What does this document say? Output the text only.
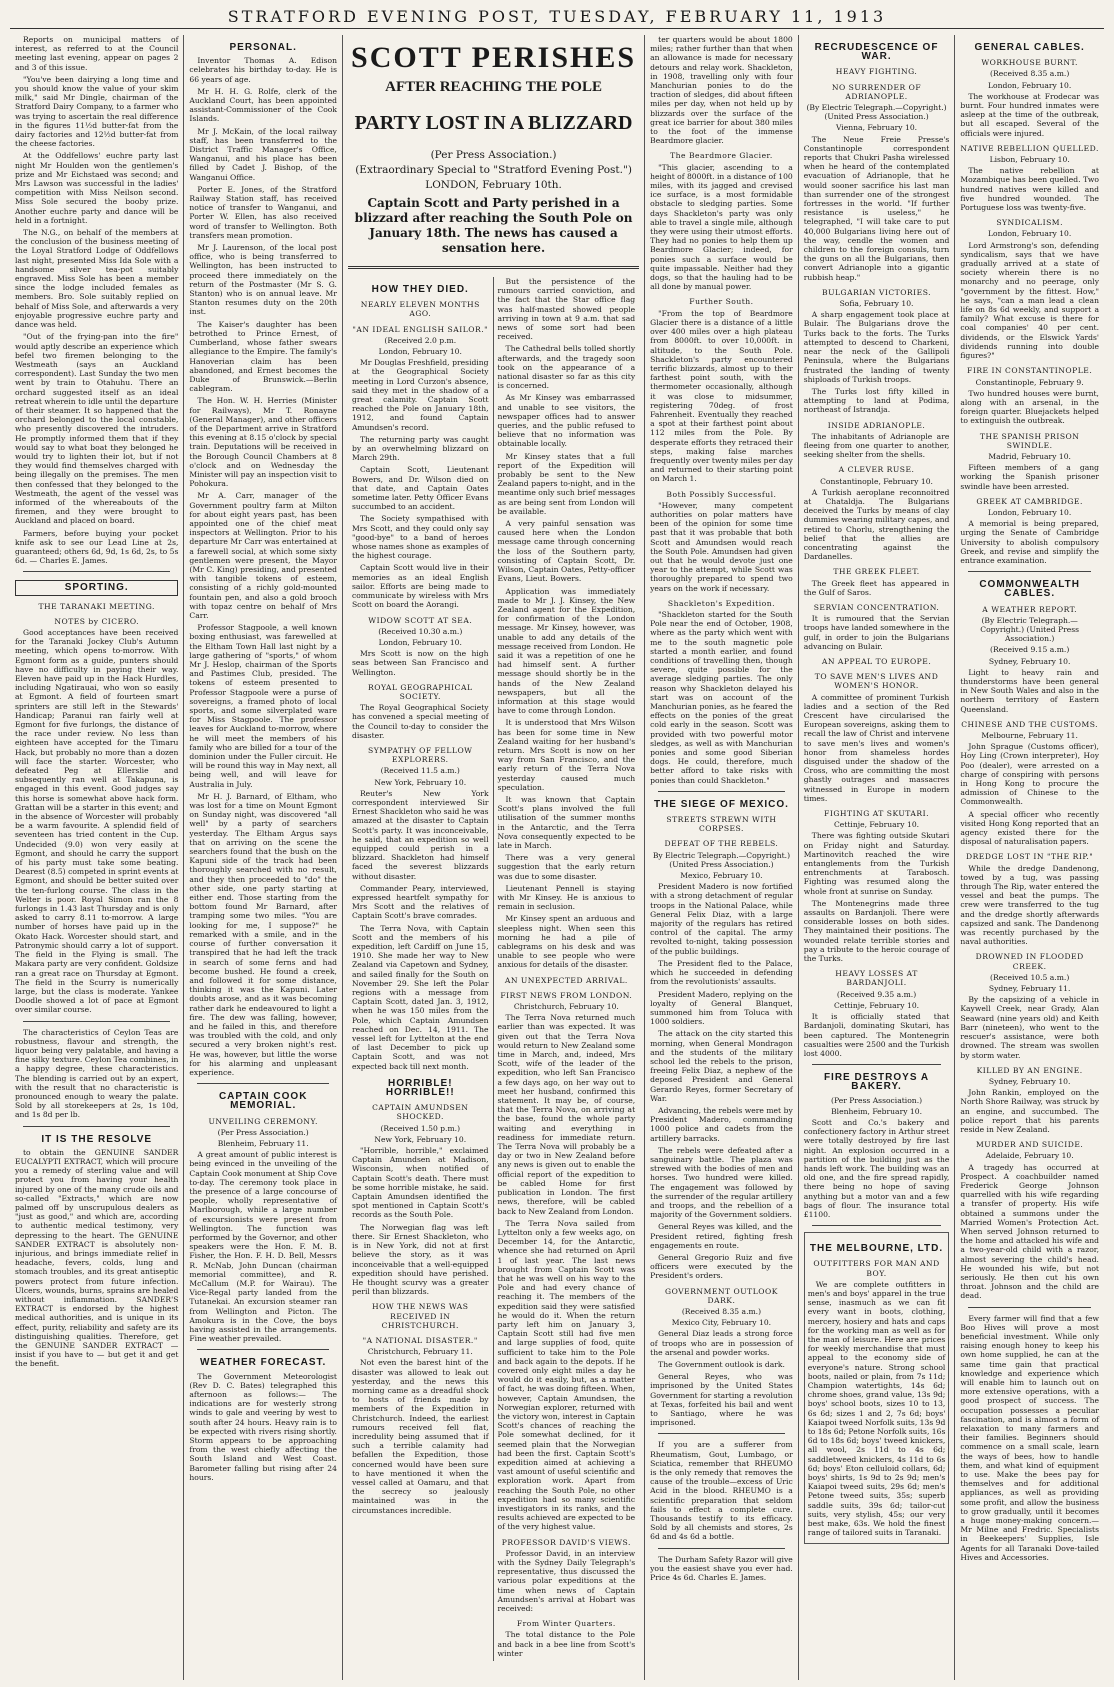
STRATFORD EVENING POST, TUESDAY, FEBRUARY 11, 1913

Reports on municipal matters of interest, as referred to at the Council meeting last evening, appear on pages 2 and 3 of this issue.

"You've been dairying a long time and you should know the value of your skim milk," said Mr Dingle, chairman of the Stratford Dairy Company, to a farmer who was trying to ascertain the real difference in the figures 11½d butter-fat from the dairy factories and 12½d butter-fat from the cheese factories.

At the Oddfellows' euchre party last night Mr Houlden won the gentlemen's prize and Mr Eichstaed was second; and Mrs Lawson was successful in the ladies' competition with Miss Neilson second. Miss Sole secured the booby prize. Another euchre party and dance will be held in a fortnight.

The N.G., on behalf of the members at the conclusion of the business meeting of the Loyal Stratford Lodge of Oddfellows last night, presented Miss Ida Sole with a handsome silver tea-pot suitably engraved. Miss Sole has been a member since the lodge included females as members. Bro. Sole suitably replied on behalf of Miss Sole, and afterwards a very enjoyable progressive euchre party and dance was held.

"Out of the frying-pan into the fire" would aptly describe an experience which befel two firemen belonging to the Westmeath (says an Auckland correspondent). Last Sunday the two men went by train to Otahuhu. There an orchard suggested itself as an ideal retreat wherein to idle until the departure of their steamer. It so happened that the orchard belonged to the local constable, who presently discovered the intruders. He promptly informed them that if they would say to what boat they belonged he would try to lighten their lot, but if not they would find themselves charged with being illegally on the premises. The men then confessed that they belonged to the Westmeath, the agent of the vessel was informed of the whereabouts of the firemen, and they were brought to Auckland and placed on board.

Farmers, before buying your pocket knife ask to see our Lead Line at 2s, guaranteed; others 6d, 9d, 1s 6d, 2s, to 5s 6d. — Charles E. James.

SPORTING.
THE TARANAKI MEETING.
NOTES by CICERO.

Good acceptances have been received for the Taranaki Jockey Club's Autumn meeting, which opens to-morrow. With Egmont form as a guide, punters should have no difficulty in paying their way. Eleven have paid up in the Hack Hurdles, including Ngatirauai, who won so easily at Egmont. A field of fourteen smart sprinters are still left in the Stewards' Handicap; Paranui ran fairly well at Egmont for five furlongs, the distance of the race under review. No less than eighteen have accepted for the Timaru Hack, but probably no more than a dozen will face the starter. Worcester, who defeated Peg at Ellerslie and subsequently ran well at Takapuna, is engaged in this event. Good judges say this horse is somewhat above hack form. Grattan will be a starter in this event; and in the absence of Worcester will probably be a warm favourite. A splendid field of seventeen has tried content in the Cup. Undecided (9.0) won very easily at Egmont, and should he carry the support of his party must take some beating. Dearest (8.5) competed in sprint events at Egmont, and should be better suited over the ten-furlong course. The class in the Welter is poor. Royal Simon ran the 8 furlongs in 1.43 last Thursday and is only asked to carry 8.11 to-morrow. A large number of horses have paid up in the Okato Hack. Worcester should start, and Patronymic should carry a lot of support. The field in the Flying is small. The Makara party are very confident. Goldsize ran a great race on Thursday at Egmont. The field in the Scurry is numerically large, but the class is moderate. Yankee Doodle showed a lot of pace at Egmont over similar course.

The characteristics of Ceylon Teas are robustness, flavour and strength, the liquor being very palatable, and having a fine silky texture. Ceylon Tea combines, in a happy degree, these characteristics. The blending is carried out by an expert, with the result that no characteristic is pronounced enough to weary the palate. Sold by all storekeepers at 2s, 1s 10d, and 1s 8d per lb.

IT IS THE RESOLVE

to obtain the GENUINE SANDER EUCALYPTI EXTRACT, which will procure you a remedy of sterling value and will protect you from having your health injured by one of the many crude oils and so-called "Extracts," which are now palmed off by unscrupulous dealers as "just as good," and which are, according to authentic medical testimony, very depressing to the heart. The GENUINE SANDER EXTRACT is absolutely non-injurious, and brings immediate relief in headache, fevers, colds, lung and stomach troubles, and its great antiseptic powers protect from future infection. Ulcers, wounds, burns, sprains are healed without inflammation. SANDER'S EXTRACT is endorsed by the highest medical authorities, and is unique in its effect, purity, reliability and safety are its distinguishing qualities. Therefore, get the GENUINE SANDER EXTRACT — insist if you have to — but get it and get the benefit.

PERSONAL.

Inventor Thomas A. Edison celebrates his birthday to-day. He is 66 years of age.

Mr H. H. G. Rolfe, clerk of the Auckland Court, has been appointed assistant-Commissioner of the Cook Islands.

Mr J. McKain, of the local railway staff, has been transferred to the District Traffic Manager's Office, Wanganui, and his place has been filled by Cadet J. Bishop, of the Wanganui Office.

Porter E. Jones, of the Stratford Railway Station staff, has received notice of transfer to Wanganui, and Porter W. Ellen, has also received word of transfer to Wellington. Both transfers mean promotion.

Mr J. Laurenson, of the local post office, who is being transferred to Wellington, has been instructed to proceed there immediately on the return of the Postmaster (Mr S. G. Stanton) who is on annual leave. Mr Stanton resumes duty on the 20th inst.

The Kaiser's daughter has been betrothed to Prince Ernest, of Cumberland, whose father swears allegiance to the Empire. The family's Hanoverian claim has been abandoned, and Ernest becomes the Duke of Brunswick.—Berlin cablegram.

The Hon. W. H. Herries (Minister for Railways), Mr T. Ronayne (General Manager), and other officers of the Department arrive in Stratford this evening at 8.15 o'clock by special train. Deputations will be received in the Borough Council Chambers at 8 o'clock and on Wednesday the Minister will pay an inspection visit to Pohokura.

Mr A. Carr, manager of the Government poultry farm at Milton for about eight years past, has been appointed one of the chief meat inspectors at Wellington. Prior to his departure Mr Carr was entertained at a farewell social, at which some sixty gentlemen were present, the Mayor (Mr C. King) presiding, and presented with tangible tokens of esteem, consisting of a richly gold-mounted fountain pen, and also a gold brooch with topaz centre on behalf of Mrs Carr.

Professor Stagpoole, a well known boxing enthusiast, was farewelled at the Eltham Town Hall last night by a large gathering of "sports," of whom Mr J. Heslop, chairman of the Sports and Pastimes Club, presided. The tokens of esteem presented to Professor Stagpoole were a purse of sovereigns, a framed photo of local sports, and some silverplated ware for Miss Stagpoole. The professor leaves for Auckland to-morrow, where he will meet the members of his family who are billed for a tour of the dominion under the Fuller circuit. He will be round this way in May next, all being well, and will leave for Australia in July.

Mr H. J. Barnard, of Eltham, who was lost for a time on Mount Egmont on Sunday night, was discovered "all well" by a party of searchers yesterday. The Eltham Argus says that on arriving on the scene the searchers found that the bush on the Kapuni side of the track had been thoroughly searched with no result, and they then proceeded to "do" the other side, one party starting at either end. Those starting from the bottom found Mr Barnard, after tramping some two miles. "You are looking for me, I suppose?" he remarked with a smile, and in the course of further conversation it transpired that he had left the track in search of some ferns and had become bushed. He found a creek, and followed it for some distance, thinking it was the Kapuni. Later doubts arose, and as it was becoming rather dark he endeavoured to light a fire. The dew was falling, however, and he failed in this, and therefore was troubled with the cold, and only secured a very broken night's rest. He was, however, but little the worse for his alarming and unpleasant experience.

CAPTAIN COOK MEMORIAL.
UNVEILING CEREMONY.
(Per Press Association.)
Blenheim, February 11.

A great amount of public interest is being evinced in the unveiling of the Captain Cook monument at Ship Cove to-day. The ceremony took place in the presence of a large concourse of people, wholly representative of Marlborough, while a large number of excursionists were present from Wellington. The function was performed by the Governor, and other speakers were the Hon. F. M. B. Fisher, the Hon. F. H. D. Bell, Messrs R. McNab, John Duncan (chairman memorial committee), and R. McCallum (M.P. for Wairau). The Vice-Regal party landed from the Tutanekai. An excursion steamer ran from Wellington and Picton. The Amokura is in the Cove, the boys having assisted in the arrangements. Fine weather prevailed.

WEATHER FORECAST.

The Government Meteorologist (Rev D. C. Bates) telegraphed this afternoon as follows:— The indications are for westerly strong winds to gale and veering by west to south after 24 hours. Heavy rain is to be expected with rivers rising shortly. Storm appears to be approaching from the west chiefly affecting the South Island and West Coast. Barometer falling but rising after 24 hours.

SCOTT PERISHES
AFTER REACHING THE POLE
PARTY LOST IN A BLIZZARD
(Per Press Association.)
(Extraordinary Special to "Stratford Evening Post.")
LONDON, February 10th.
Captain Scott and Party perished in a blizzard after reaching the South Pole on January 18th. The news has caused a sensation here.
HOW THEY DIED.
NEARLY ELEVEN MONTHS AGO.
"AN IDEAL ENGLISH SAILOR."
(Received 2.0 p.m.
London, February 10.

Mr Douglas Freshfield, presiding at the Geographical Society meeting in Lord Curzon's absence, said they met in the shadow of a great calamity. Captain Scott reached the Pole on January 18th, 1912, and found Captain Amundsen's record.

The returning party was caught by an overwhelming blizzard on March 29th.

Captain Scott, Lieutenant Bowers, and Dr. Wilson died on that date, and Captain Oates sometime later. Petty Officer Evans succumbed to an accident.

The Society sympathised with Mrs Scott, and they could only say "good-bye" to a band of heroes whose names shone as examples of the highest courage.

Captain Scott would live in their memories as an ideal English sailor. Efforts are being made to communicate by wireless with Mrs Scott on board the Aorangi.

WIDOW SCOTT AT SEA.
(Received 10.30 a.m.)
London, February 10.

Mrs Scott is now on the high seas between San Francisco and Wellington.

ROYAL GEOGRAPHICAL SOCIETY.

The Royal Geographical Society has convened a special meeting of the Council to-day to consider the disaster.

SYMPATHY OF FELLOW EXPLORERS.
(Received 11.5 a.m.)
New York, February 10.

Reuter's New York correspondent interviewed Sir Ernest Shackleton who said he was amazed at the disaster to Captain Scott's party. It was inconceivable, he said, that an expedition so well equipped could perish in a blizzard. Shackleton had himself faced the severest blizzards without disaster.

Commander Peary, interviewed, expressed heartfelt sympathy for Mrs Scott and the relatives of Captain Scott's brave comrades.

The Terra Nova, with Captain Scott and the members of his expedition, left Cardiff on June 15, 1910. She made her way to New Zealand via Capetown and Sydney, and sailed finally for the South on November 29. She left the Polar regions with a message from Captain Scott, dated Jan. 3, 1912, when he was 150 miles from the Pole, which Captain Amundsen reached on Dec. 14, 1911. The vessel left for Lyttelton at the end of last December to pick up Captain Scott, and was not expected back till next month.

HORRIBLE! HORRIBLE!!
CAPTAIN AMUNDSEN SHOCKED.
(Received 1.50 p.m.)
New York, February 10.

"Horrible, horrible," exclaimed Captain Amundsen at Madison, Wisconsin, when notified of Captain Scott's death. There must be some horrible mistake, he said. Captain Amundsen identified the spot mentioned in Captain Scott's records as the South Pole.

The Norwegian flag was left there. Sir Ernest Shackleton, who is in New York, did not at first believe the story, as it was inconceivable that a well-equipped expedition should have perished. He thought scurvy was a greater peril than blizzards.

HOW THE NEWS WAS RECEIVED IN CHRISTCHURCH.
"A NATIONAL DISASTER."
Christchurch, February 11.

Not even the barest hint of the disaster was allowed to leak out yesterday, and the news this morning came as a dreadful shock to hosts of friends made by members of the Expedition in Christchurch. Indeed, the earliest rumours received fell flat, incredulity being assumed that if such a terrible calamity had befallen the Expedition, those concerned would have been sure to have mentioned it when the vessel called at Oamaru, and that the secrecy so jealously maintained was in the circumstances incredible.

But the persistence of the rumours carried conviction, and the fact that the Star office flag was half-masted showed people arriving in town at 9 a.m. that sad news of some sort had been received.

The Cathedral bells tolled shortly afterwards, and the tragedy soon took on the appearance of a national disaster so far as this city is concerned.

As Mr Kinsey was embarrassed and unable to see visitors, the newspaper offices had to answer queries, and the public refused to believe that no information was obtainable locally.

Mr Kinsey states that a full report of the Expedition will probably be sent to the New Zealand papers to-night, and in the meantime only such brief messages as are being sent from London will be available.

A very painful sensation was caused here when the London message came through concerning the loss of the Southern party, consisting of Captain Scott, Dr. Wilson, Captain Oates, Petty-officer Evans, Lieut. Bowers.

Application was immediately made to Mr J. J. Kinsey, the New Zealand agent for the Expedition, for confirmation of the London message. Mr Kinsey, however, was unable to add any details of the message received from London. He said it was a repetition of one he had himself sent. A further message should shortly be in the hands of the New Zealand newspapers, but all the information at this stage would have to come through London.

It is understood that Mrs Wilson has been for some time in New Zealand waiting for her husband's return. Mrs Scott is now on her way from San Francisco, and the early return of the Terra Nova yesterday caused much speculation.

It was known that Captain Scott's plans involved the full utilisation of the summer months in the Antarctic, and the Terra Nova consequently expected to be late in March.

There was a very general suggestion that the early return was due to some disaster.

Lieutenant Pennell is staying with Mr Kinsey. He is anxious to remain in seclusion.

Mr Kinsey spent an arduous and sleepless night. When seen this morning he had a pile of cablegrams on his desk and was unable to see people who were anxious for details of the disaster.

AN UNEXPECTED ARRIVAL.
FIRST NEWS FROM LONDON.
Christchurch, February 10.

The Terra Nova returned much earlier than was expected. It was given out that the Terra Nova would return to New Zealand some time in March, and, indeed, Mrs Scott, wife of the leader of the expedition, who left San Francisco a few days ago, on her way out to meet her husband, confirmed this statement. It may be, of course, that the Terra Nova, on arriving at the base, found the whole party waiting and everything in readiness for immediate return. The Terra Nova will probably be a day or two in New Zealand before any news is given out to enable the official report of the expedition to be cabled Home for first publication in London. The first news, therefore, will be cabled back to New Zealand from London.

The Terra Nova sailed from Lyttelton only a few weeks ago, on December 14, for the Antarctic, whence she had returned on April 1 of last year. The last news brought from Captain Scott was that he was well on his way to the Pole and had every chance of reaching it. The members of the expedition said they were satisfied he would do it. When the return party left him on January 3, Captain Scott still had five men and large supplies of food, quite sufficient to take him to the Pole and back again to the depots. If he covered only eight miles a day he would do it easily, but, as a matter of fact, he was doing fifteen. When, however, Captain Amundsen, the Norwegian explorer, returned with the victory won, interest in Captain Scott's chances of reaching the Pole somewhat declined, for it seemed plain that the Norwegian had been the first. Captain Scott's expedition aimed at achieving a vast amount of useful scientific and exploration work. Apart from reaching the South Pole, no other expedition had so many scientific investigators in its ranks, and the results achieved are expected to be of the very highest value.

PROFESSOR DAVID'S VIEWS.

Professor David, in an interview with the Sydney Daily Telegraph's representative, thus discussed the various polar expeditions at the time when news of Captain Amundsen's arrival at Hobart was received:

From Winter Quarters.

The total distance to the Pole and back in a bee line from Scott's winter

ter quarters would be about 1800 miles; rather further than that when an allowance is made for necessary detours and relay work. Shackleton, in 1908, travelling only with four Manchurian ponies to do the traction of sledges, did about fifteen miles per day, when not held up by blizzards over the surface of the great ice barrier for about 380 miles to the foot of the immense Beardmore glacier.

The Beardmore Glacier.

"This glacier, ascending to a height of 8000ft. in a distance of 100 miles, with its jagged and crevised ice surface, is a most formidable obstacle to sledging parties. Some days Shackleton's party was only able to travel a single mile, although they were using their utmost efforts. They had no ponies to help them up Beardmore Glacier; indeed, for ponies such a surface would be quite impassable. Neither had they dogs, so that the hauling had to be all done by manual power.

Further South.

"From the top of Beardmore Glacier there is a distance of a little over 400 miles over a high plateau from 8000ft. to over 10,000ft. in altitude, to the South Pole. Shackleton's party encountered terrific blizzards, almost up to their farthest point south, with the thermometer occasionally, although it was close to midsummer, registering 70deg. of frost Fahrenheit. Eventually they reached a spot at their farthest point about 112 miles from the Pole. By desperate efforts they retraced their steps, making false marches frequently over twenty miles per day and returned to their starting point on March 1.

Both Possibly Successful.

"However, many competent authorities on polar matters have been of the opinion for some time past that it was probable that both Scott and Amundsen would reach the South Pole. Amundsen had given out that he would devote just one year to the attempt, while Scott was thoroughly prepared to spend two years on the work if necessary.

Shackleton's Expedition.

"Shackleton started for the South Pole near the end of October, 1908, where as the party which went with me to the south magnetic pole started a month earlier, and found conditions of travelling then, though severe, quite possible for the average sledging parties. The only reason why Shackleton delayed his start was on account of the Manchurian ponies, as he feared the effects on the ponies of the great cold early in the season. Scott was provided with two powerful motor sledges, as well as with Manchurian ponies and some good Siberian dogs. He could, therefore, much better afford to take risks with ponies than could Shackleton."

THE SIEGE OF MEXICO.
STREETS STREWN WITH CORPSES.
DEFEAT OF THE REBELS.
By Electric Telegraph.—Copyright.) (United Press Association.)
Mexico, February 10.

President Madero is now fortified with a strong detachment of regular troops in the National Palace, while General Felix Diaz, with a large majority of the regulars has retired control of the capital. The army revolted to-night, taking possession of the public buildings.

The President fled to the Palace, which he succeeded in defending from the revolutionists' assaults.

President Madero, replying on the loyalty of General Blanquet, summoned him from Toluca with 1000 soldiers.

The attack on the city started this morning, when General Mondragon and the students of the military school led the rebels to the prison, freeing Felix Diaz, a nephew of the deposed President and General Gerardo Reyes, former Secretary of War.

Advancing, the rebels were met by President Madero, commanding 1000 police and cadets from the artillery barracks.

The rebels were defeated after a sanguinary battle. The plaza was strewed with the bodies of men and horses. Two hundred were killed. The engagement was followed by the surrender of the regular artillery and troops, and the rebellion of a majority of the Government soldiers.

General Reyes was killed, and the President retired, fighting fresh engagements en route.

General Gregorio Ruiz and five officers were executed by the President's orders.

GOVERNMENT OUTLOOK DARK.
(Received 8.35 a.m.)
Mexico City, February 10.

General Diaz leads a strong force of troops who are in possession of the arsenal and powder works.

The Government outlook is dark.

General Reyes, who was imprisoned by the United States Government for starting a revolution at Texas, forfeited his bail and went to Santiago, where he was imprisoned.

If you are a sufferer from Rheumatism, Gout, Lumbago, or Sciatica, remember that RHEUMO is the only remedy that removes the cause of the trouble—excess of Uric Acid in the blood. RHEUMO is a scientific preparation that seldom fails to effect a complete cure. Thousands testify to its efficacy. Sold by all chemists and stores, 2s 6d and 4s 6d a bottle.

The Durham Safety Razor will give you the easiest shave you ever had. Price 4s 6d. Charles E. James.

RECRUDESCENCE OF WAR.
HEAVY FIGHTING.
NO SURRENDER OF ADRIANOPLE.
(By Electric Telegraph.—Copyright.) (United Press Association.)
Vienna, February 10.

The Neue Freie Presse's Constantinople correspondent reports that Chukri Pasha wirelessed when he heard of the contemplated evacuation of Adrianople, that he would sooner sacrifice his last man than surrender one of the strongest fortresses in the world. "If further resistance is useless," he telegraphed, "I will take care to put 40,000 Bulgarians living here out of the way, cendle the women and children to the foreign consuls, turn the guns on all the Bulgarians, then convert Adrianople into a gigantic rubbish heap."

BULGARIAN VICTORIES.
Sofia, February 10.

A sharp engagement took place at Bulair. The Bulgarians drove the Turks back to the forts. The Turks attempted to descend to Charkeni, near the neck of the Gallipoli Peninsula, where the Bulgarians frustrated the landing of twenty shiploads of Turkish troops.

The Turks lost fifty killed in attempting to land at Podima, northeast of Istrandja.

INSIDE ADRIANOPLE.

The inhabitants of Adrianople are fleeing from one quarter to another, seeking shelter from the shells.

A CLEVER RUSE.
Constantinople, February 10.

A Turkish aeroplane reconnoitred at Chataldja. The Bulgarians deceived the Turks by means of clay dummies wearing military capes, and retired to Chorlu, strengthening the belief that the allies are concentrating against the Dardanelles.

THE GREEK FLEET.

The Greek fleet has appeared in the Gulf of Saros.

SERVIAN CONCENTRATION.

It is rumoured that the Servian troops have landed somewhere in the gulf, in order to join the Bulgarians advancing on Bulair.

AN APPEAL TO EUROPE.
TO SAVE MEN'S LIVES AND WOMEN'S HONOR.

A committee of prominent Turkish ladies and a section of the Red Crescent have circularised the European sovereigns, asking them to recall the law of Christ and intervene to save men's lives and women's honor from shameless hordes disguised under the shadow of the Cross, who are committing the most ghastly outrages and massacres witnessed in Europe in modern times.

FIGHTING AT SKUTARI.
Cettinje, February 10.

There was fighting outside Skutari on Friday night and Saturday. Martinovitch reached the wire entanglements from the Turkish entrenchments at Tarabosch. Fighting was resumed along the whole front at sunrise on Sunday.

The Montenegrins made three assaults on Bardanjoli. There were considerable losses on both sides. They maintained their positions. The wounded relate terrible stories and pay a tribute to the heroic courage of the Turks.

HEAVY LOSSES AT BARDANJOLI.
(Received 9.35 a.m.)
Cettinje, February 10.

It is officially stated that Bardanjoli, dominating Skutari, has been captured. The Montenegrin casualties were 2500 and the Turkish lost 4000.

FIRE DESTROYS A BAKERY.
(Per Press Association.)
Blenheim, February 10.

Scott and Co.'s bakery and confectionery factory in Arthur street were totally destroyed by fire last night. An explosion occurred in a partition of the building just as the hands left work. The building was an old one, and the fire spread rapidly, there being no hope of saving anything but a motor van and a few bags of flour. The insurance total £1100.

THE MELBOURNE, LTD.
OUTFITTERS FOR MAN AND BOY.

We are complete outfitters in men's and boys' apparel in the true sense, inasmuch as we can fit every want in boots, clothing, mercery, hosiery and hats and caps for the working man as well as for the man of leisure. Here are prices for weekly merchandise that must appeal to the economy side of everyone's nature. Strong school boots, nailed or plain, from 7s 11d; Champion watertights, 14s 6d; chrome shoes, grand value, 13s 9d; boys' school boots, sizes 10 to 13, 6s 6d; sizes 1 and 2, 7s 6d; boys' Kaiapoi tweed Norfolk suits, 13s 9d to 18s 6d; Petone Norfolk suits, 16s 6d to 18s 6d; boys' tweed knickers, all wool, 2s 11d to 4s 6d; saddletweed knickers, 4s 11d to 6s 6d; boys' Eton celluloid collars, 6d; boys' shirts, 1s 9d to 2s 9d; men's Kaiapoi tweed suits, 29s 6d; men's Petone tweed suits, 35s; superb saddle suits, 39s 6d; tailor-cut suits, very stylish, 45s; our very best make, 63s. We hold the finest range of tailored suits in Taranaki.

GENERAL CABLES.
WORKHOUSE BURNT.
(Received 8.35 a.m.)
London, February 10.

The workhouse at Frodecar was burnt. Four hundred inmates were asleep at the time of the outbreak, but all escaped. Several of the officials were injured.

NATIVE REBELLION QUELLED.
Lisbon, February 10.

The native rebellion at Mozambique has been quelled. Two hundred natives were killed and five hundred wounded. The Portuguese loss was twenty-five.

SYNDICALISM.
London, February 10.

Lord Armstrong's son, defending syndicalism, says that we have gradually arrived at a state of society wherein there is no monarchy and no peerage, only "government by the fittest. How," he says, "can a man lead a clean life on 8s 6d weekly, and support a family? What excuse is there for coal companies' 40 per cent. dividends, or the Elswick Yards' dividends running into double figures?"

FIRE IN CONSTANTINOPLE.
Constantinople, February 9.

Two hundred houses were burnt, along with an arsenal, in the foreign quarter. Bluejackets helped to extinguish the outbreak.

THE SPANISH PRISON SWINDLE.
Madrid, February 10.

Fifteen members of a gang working the Spanish prisoner swindle have been arrested.

GREEK AT CAMBRIDGE.
London, February 10.

A memorial is being prepared, urging the Senate of Cambridge University to abolish compulsory Greek, and revise and simplify the entrance examination.

COMMONWEALTH CABLES.
A WEATHER REPORT.
(By Electric Telegraph.—Copyright.) (United Press Association.)
(Received 9.15 a.m.)
Sydney, February 10.

Light to heavy rain and thunderstorms have been general in New South Wales and also in the northern territory of Eastern Queensland.

CHINESE AND THE CUSTOMS.
Melbourne, February 11.

John Sprague (Customs officer), Hoy Ling (Crown interpreter), Hoy Poo (dealer), were arrested on a charge of conspiring with persons in Hong Kong to procure the admission of Chinese to the Commonwealth.

A special officer who recently visited Hong Kong reported that an agency existed there for the disposal of naturalisation papers.

DREDGE LOST IN "THE RIP."

While the dredge Dandenong, towed by a tug, was passing through The Rip, water entered the vessel and beat the pumps. The crew were transferred to the tug and the dredge shortly afterwards capsized and sank. The Dandenong was recently purchased by the naval authorities.

DROWNED IN FLOODED CREEK.
(Received 10.5 a.m.)
Sydney, February 11.

By the capsizing of a vehicle in Kaywell Creek, near Grady, Alan Seaward (nine years old) and Keith Barr (nineteen), who went to the rescuer's assistance, were both drowned. The stream was swollen by storm water.

KILLED BY AN ENGINE.
Sydney, February 10.

John Rankin, employed on the North Shore Railway, was struck by an engine, and succumbed. The police report that his parents reside in New Zealand.

MURDER AND SUICIDE.
Adelaide, February 10.

A tragedy has occurred at Prospect. A coachbuilder named Frederick George Johnson quarrelled with his wife regarding a transfer of property. His wife obtained a summons under the Married Women's Protection Act. When served Johnson returned to the home and attacked his wife and a two-year-old child with a razor, almost severing the child's head. He wounded his wife, but not seriously. He then cut his own throat. Johnson and the child are dead.

Every farmer will find that a few Boo Hives will prove a most beneficial investment. While only raising enough honey to keep his own home supplied, he can at the same time gain that practical knowledge and experience which will enable him to launch out on more extensive operations, with a good prospect of success. The occupation possesses a peculiar fascination, and is almost a form of relaxation to many farmers and their families. Beginners should commence on a small scale, learn the ways of bees, how to handle them, and what kind of equipment to use. Make the bees pay for themselves and for additional appliances, as well as providing some profit, and allow the business to grow gradually, until it becomes a huge money-making concern.—Mr Milne and Fredric. Specialists in Beekeepers' Supplies, Isle Agents for all Taranaki Dove-tailed Hives and Accessories.
